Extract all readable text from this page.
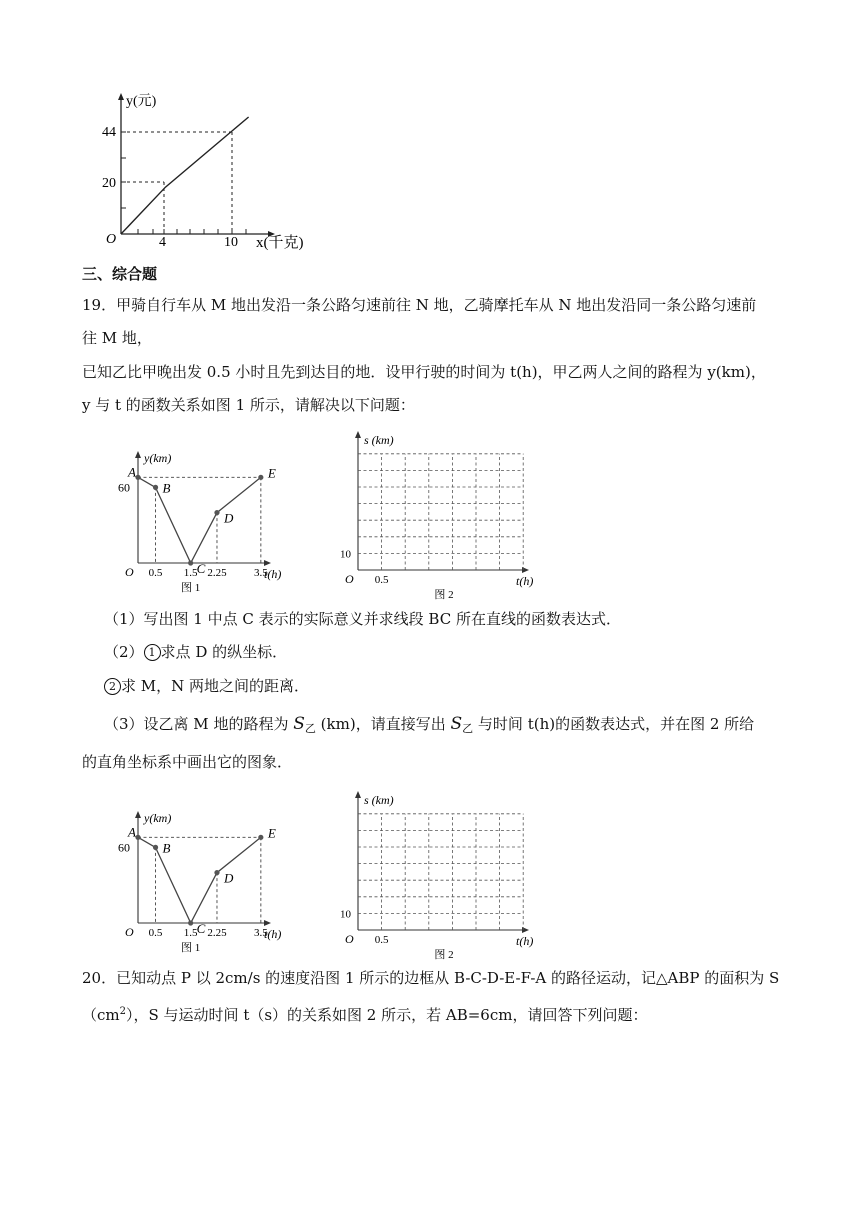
y(元)
44
20
O	4	10 x(千克)
三、综合题
19．甲骑自行车从 M 地出发沿一条公路匀速前往 N 地，乙骑摩托车从 N 地出发沿同一条公路匀速前
往 M 地，
已知乙比甲晚出发 0.5 小时且先到达目的地．设甲行驶的时间为 t(h)，甲乙两人之间的路程为 y(km)，
y 与 t 的函数关系如图 1 所示，请解决以下问题：
A
B
C
D
E
y(km)
60
O 0.5 1.5 2.25 3.5
t(h)
图 1
s (km)
10
O 0.5	t(h)
图 2
（1）写出图 1 中点 C 表示的实际意义并求线段 BC 所在直线的函数表达式．
（2） 1 求点 D 的纵坐标．
2 求 M，N 两地之间的距离．
（3）设乙离 M 地的路程为 $S_乙$ (km)，请直接写出 $S_乙$ 与时间 t(h)的函数表达式，并在图 2 所给
的直角坐标系中画出它的图象．
A
B
C
D
E
y(km)
60
O 0.5 1.5 2.25 3.5
t(h)
图 1
s (km)
10
O 0.5	t(h)
图 2
20．已知动点 P 以 2cm/s 的速度沿图 1 所示的边框从 B-C-D-E-F-A 的路径运动，记△ABP 的面积为 S
$(cm^2)$，S 与运动时间 t（s）的关系如图 2 所示，若 AB=6cm，请回答下列问题：
